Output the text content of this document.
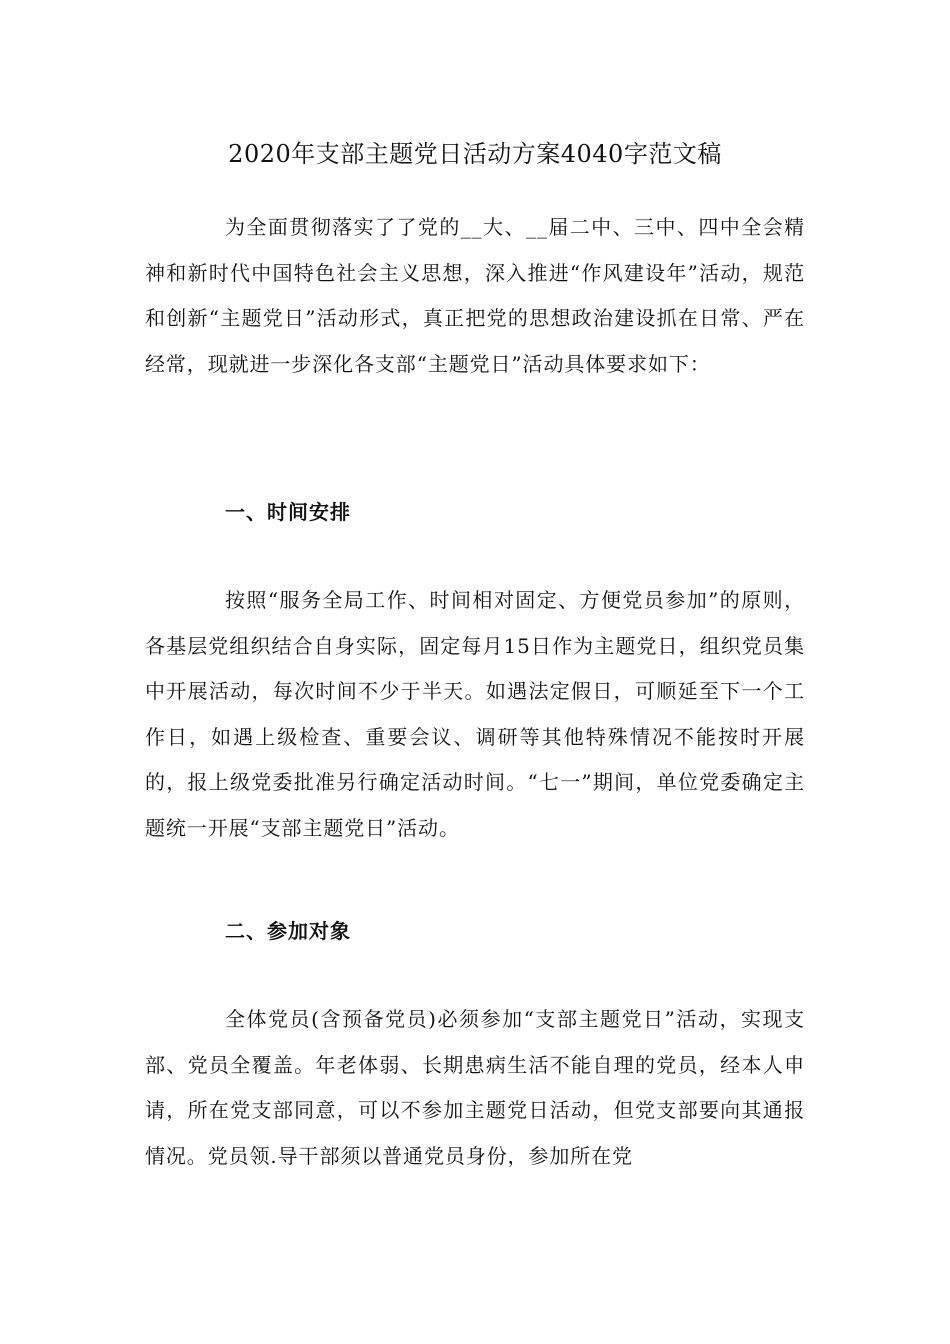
2020年支部主题党日活动方案4040字范文稿

为全面贯彻落实了了党的__大、__届二中、三中、四中全会精神和新时代中国特色社会主义思想，深入推进“作风建设年”活动，规范和创新“主题党日”活动形式，真正把党的思想政治建设抓在日常、严在经常，现就进一步深化各支部“主题党日”活动具体要求如下：

一、时间安排

按照“服务全局工作、时间相对固定、方便党员参加”的原则，各基层党组织结合自身实际，固定每月15日作为主题党日，组织党员集中开展活动，每次时间不少于半天。如遇法定假日，可顺延至下一个工作日，如遇上级检查、重要会议、调研等其他特殊情况不能按时开展的，报上级党委批准另行确定活动时间。“七一”期间，单位党委确定主题统一开展“支部主题党日”活动。

二、参加对象

全体党员(含预备党员)必须参加“支部主题党日”活动，实现支部、党员全覆盖。年老体弱、长期患病生活不能自理的党员，经本人申请，所在党支部同意，可以不参加主题党日活动，但党支部要向其通报情况。党员领.导干部须以普通党员身份，参加所在党
